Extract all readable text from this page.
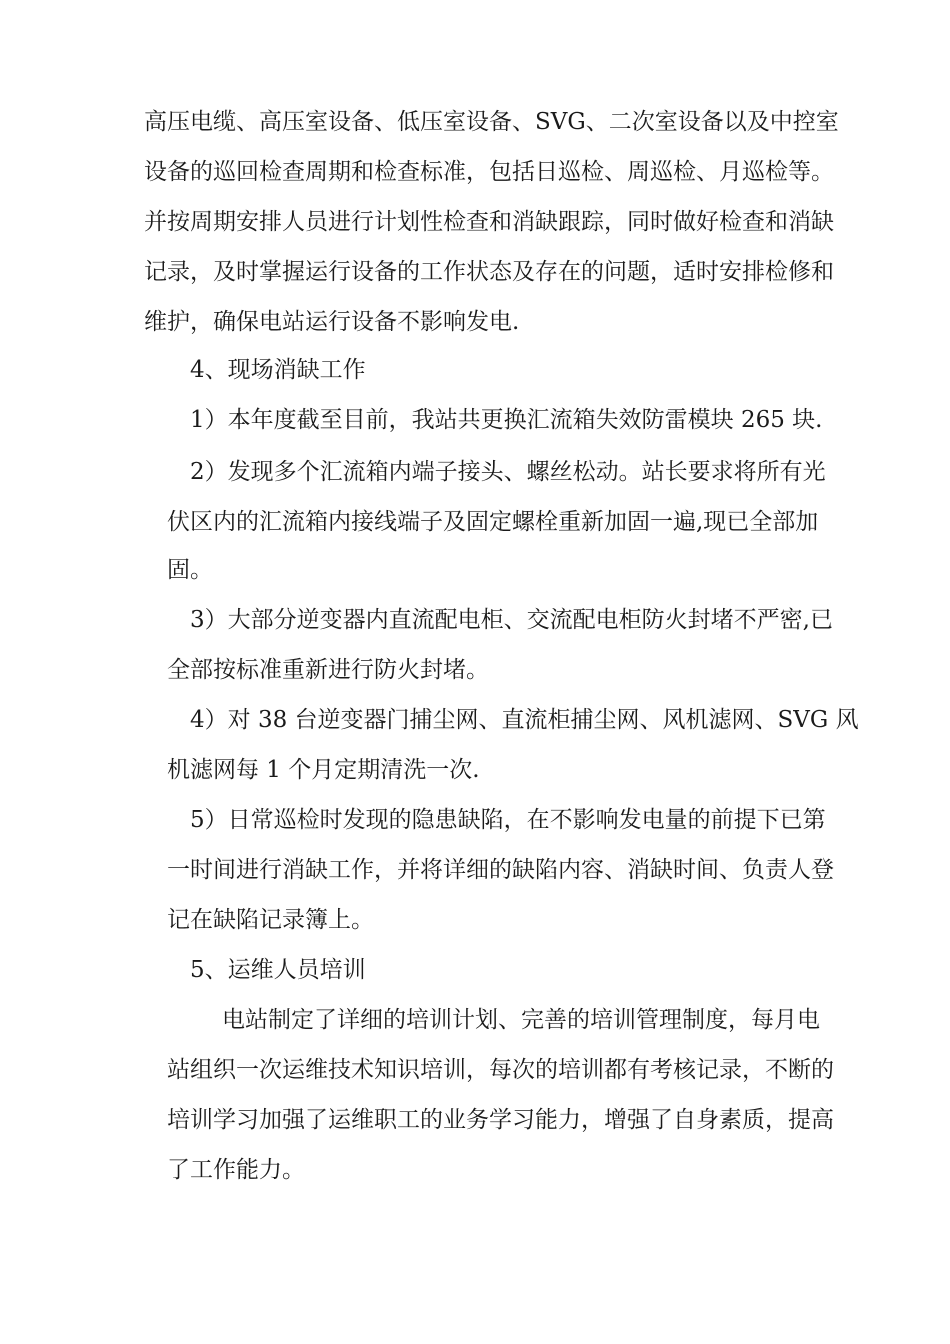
高压电缆、高压室设备、低压室设备、SVG、二次室设备以及中控室
设备的巡回检查周期和检查标准，包括日巡检、周巡检、月巡检等。
并按周期安排人员进行计划性检查和消缺跟踪，同时做好检查和消缺
记录，及时掌握运行设备的工作状态及存在的问题，适时安排检修和
维护，确保电站运行设备不影响发电.
4、现场消缺工作
1）本年度截至目前，我站共更换汇流箱失效防雷模块 265 块.
2）发现多个汇流箱内端子接头、螺丝松动。站长要求将所有光
伏区内的汇流箱内接线端子及固定螺栓重新加固一遍,现已全部加
固。
3）大部分逆变器内直流配电柜、交流配电柜防火封堵不严密,已
全部按标准重新进行防火封堵。
4）对 38 台逆变器门捕尘网、直流柜捕尘网、风机滤网、SVG 风
机滤网每 1 个月定期清洗一次.
5）日常巡检时发现的隐患缺陷，在不影响发电量的前提下已第
一时间进行消缺工作，并将详细的缺陷内容、消缺时间、负责人登
记在缺陷记录簿上。
5、运维人员培训
电站制定了详细的培训计划、完善的培训管理制度，每月电
站组织一次运维技术知识培训，每次的培训都有考核记录，不断的
培训学习加强了运维职工的业务学习能力，增强了自身素质，提高
了工作能力。
